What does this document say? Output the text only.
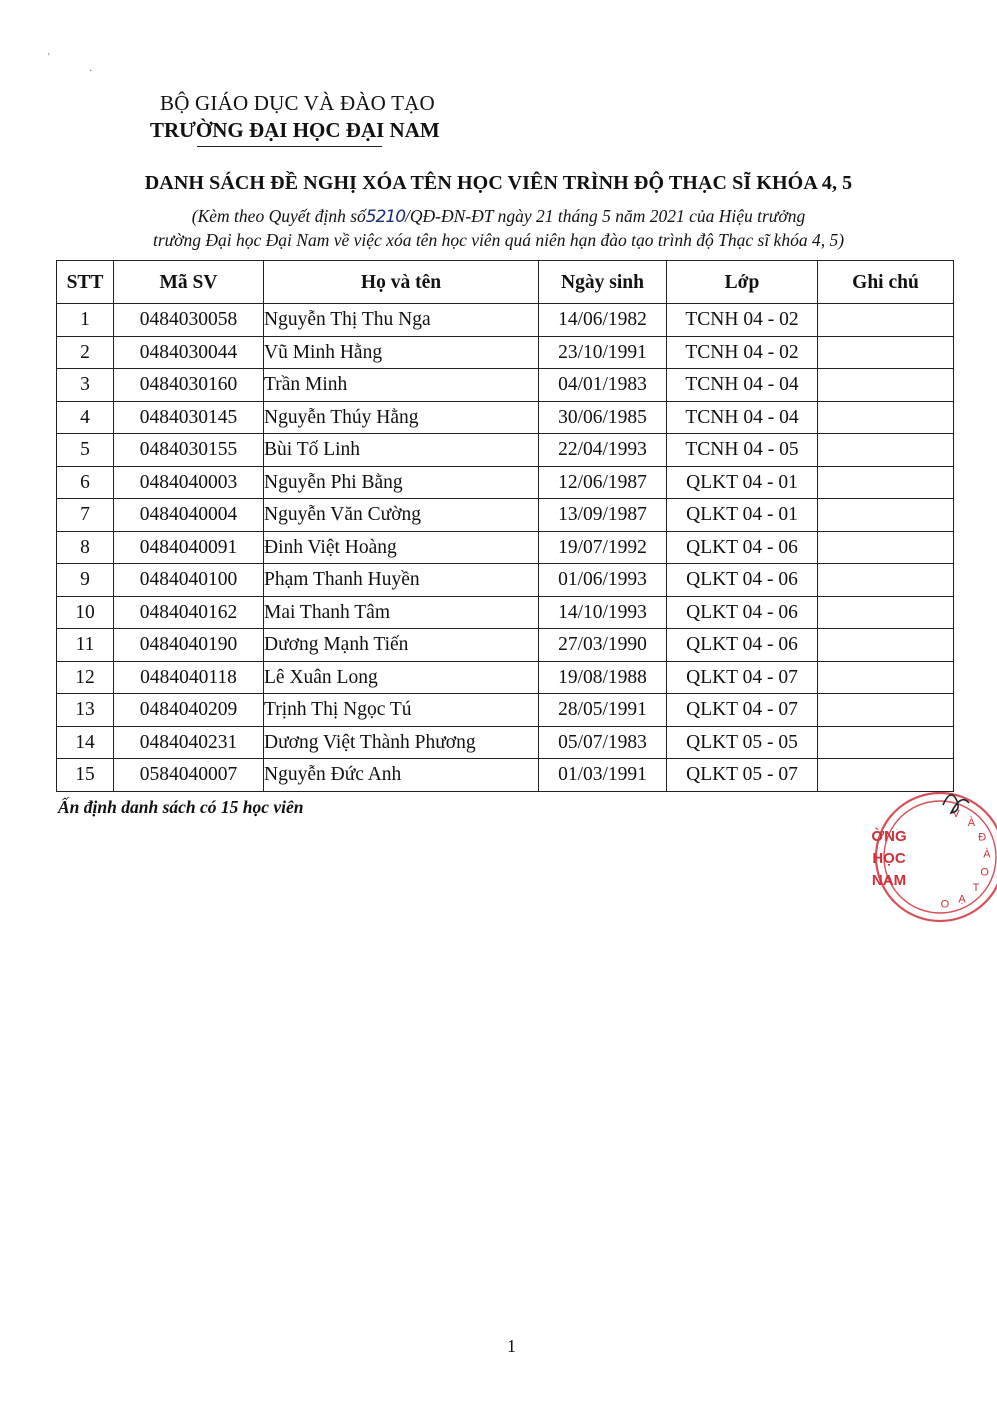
'
·
BỘ GIÁO DỤC VÀ ĐÀO TẠO
TRƯỜNG ĐẠI HỌC ĐẠI NAM
DANH SÁCH ĐỀ NGHỊ XÓA TÊN HỌC VIÊN TRÌNH ĐỘ THẠC SĨ KHÓA 4, 5
(Kèm theo Quyết định số5210/QĐ-ĐN-ĐT ngày 21 tháng 5 năm 2021 của Hiệu trưởng
trường Đại học Đại Nam về việc xóa tên học viên quá niên hạn đào tạo trình độ Thạc sĩ khóa 4, 5)
STT	Mã SV	Họ và tên	Ngày sinh	Lớp	Ghi chú
1	0484030058	Nguyễn Thị Thu Nga	14/06/1982	TCNH 04 - 02	
2	0484030044	Vũ Minh Hằng	23/10/1991	TCNH 04 - 02	
3	0484030160	Trần Minh	04/01/1983	TCNH 04 - 04	
4	0484030145	Nguyễn Thúy Hằng	30/06/1985	TCNH 04 - 04	
5	0484030155	Bùi Tố Linh	22/04/1993	TCNH 04 - 05	
6	0484040003	Nguyễn Phi Bằng	12/06/1987	QLKT 04 - 01	
7	0484040004	Nguyễn Văn Cường	13/09/1987	QLKT 04 - 01	
8	0484040091	Đinh Việt Hoàng	19/07/1992	QLKT 04 - 06	
9	0484040100	Phạm Thanh Huyền	01/06/1993	QLKT 04 - 06	
10	0484040162	Mai Thanh Tâm	14/10/1993	QLKT 04 - 06	
11	0484040190	Dương Mạnh Tiến	27/03/1990	QLKT 04 - 06	
12	0484040118	Lê Xuân Long	19/08/1988	QLKT 04 - 07	
13	0484040209	Trịnh Thị Ngọc Tú	28/05/1991	QLKT 04 - 07	
14	0484040231	Dương Việt Thành Phương	05/07/1983	QLKT 05 - 05	
15	0584040007	Nguyễn Đức Anh	01/03/1991	QLKT 05 - 07	
Ấn định danh sách có 15 học viên	V
À
Đ
À
O
T
Ạ
O
ỜNG
HỌC
NAM
1
